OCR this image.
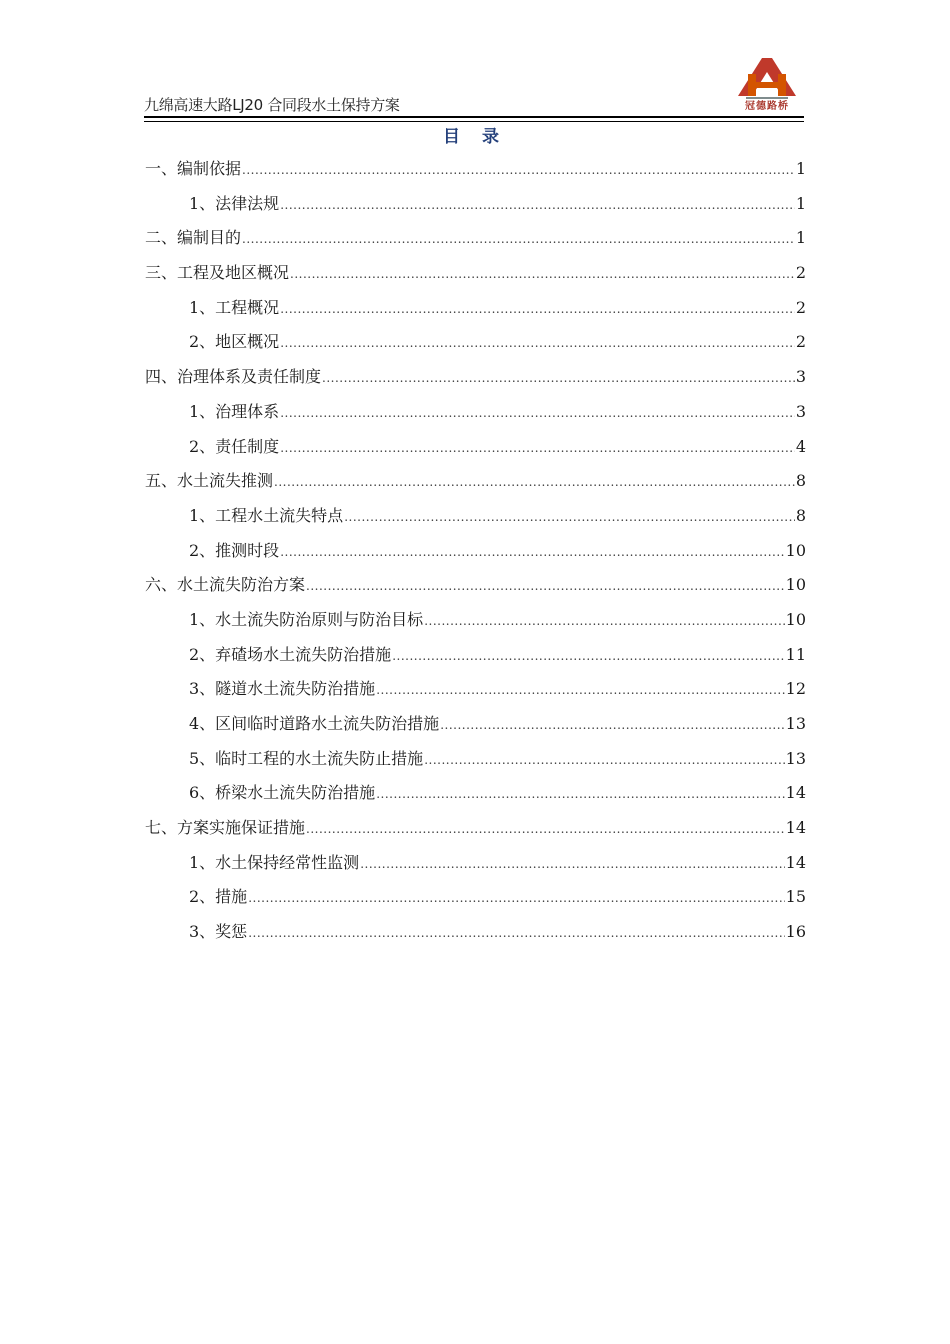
九绵高速大路LJ20 合同段水土保持方案	冠德路桥
目 录
一、编制依据 .....	1
1、法律法规 .....	1
二、编制目的 .....	1
三、工程及地区概况 .....	2
1、工程概况 .....	2
2、地区概况 .....	2
四、治理体系及责任制度 .....	3
1、治理体系 .....	3
2、责任制度 .....	4
五、水土流失推测 .....	8
1、工程水土流失特点 .....	8
2、推测时段 .....	10
六、水土流失防治方案 .....	10
1、水土流失防治原则与防治目标 .....	10
2、弃碴场水土流失防治措施 .....	11
3、隧道水土流失防治措施 .....	12
4、区间临时道路水土流失防治措施 .....	13
5、临时工程的水土流失防止措施 .....	13
6、桥梁水土流失防治措施 .....	14
七、方案实施保证措施 .....	14
1、水土保持经常性监测 .....	14
2、措施 .....	15
3、奖惩 .....	16
